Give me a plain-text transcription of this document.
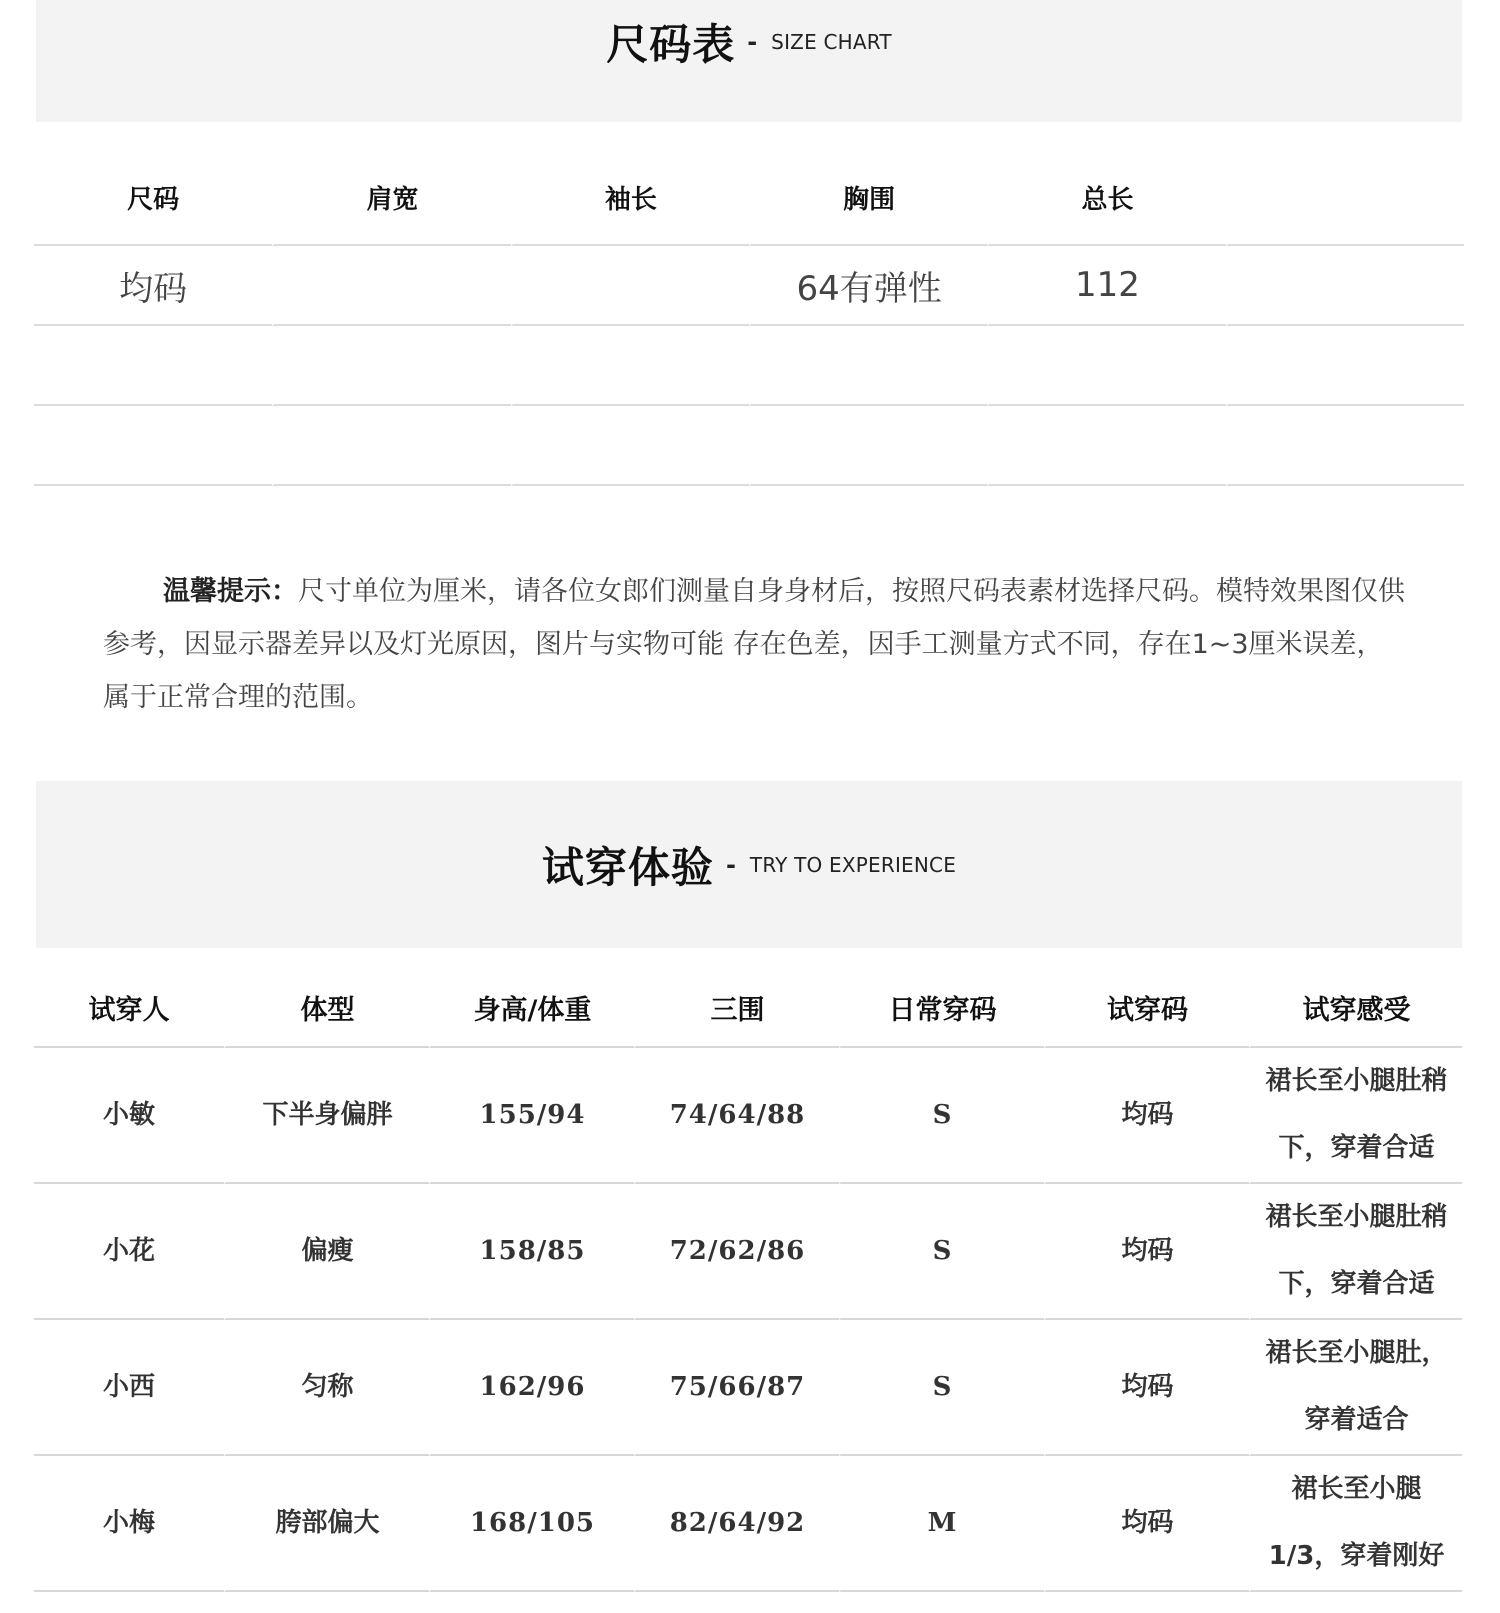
尺码表 - SIZE CHART
尺码	肩宽	袖长	胸围	总长	
均码			64有弹性	112	

温馨提示：尺寸单位为厘米，请各位女郎们测量自身身材后，按照尺码表素材选择尺码。模特效果图仅供参考，因显示器差异以及灯光原因，图片与实物可能 存在色差，因手工测量方式不同，存在1~3厘米误差，属于正常合理的范围。
试穿体验 - TRY TO EXPERIENCE
试穿人	体型	身高/体重	三围	日常穿码	试穿码	试穿感受
小敏	下半身偏胖	155/94	74/64/88	S	均码	裙长至小腿肚稍下，穿着合适
小花	偏瘦	158/85	72/62/86	S	均码	裙长至小腿肚稍下，穿着合适
小西	匀称	162/96	75/66/87	S	均码	裙长至小腿肚，穿着适合
小梅	胯部偏大	168/105	82/64/92	M	均码	裙长至小腿1/3，穿着刚好
